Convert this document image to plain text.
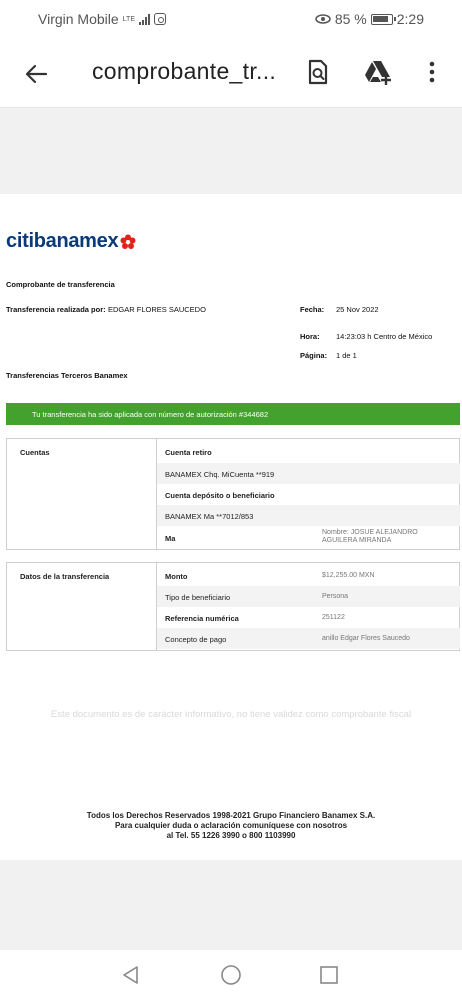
Virgin Mobile LTE	85 % 2:29
comprobante_tr...
citi banamex
Comprobante de transferencia
Transferencia realizada por: EDGAR FLORES SAUCEDO	Fecha: 25 Nov 2022
Hora: 14:23:03 h Centro de México
Página: 1 de 1
Transferencias Terceros Banamex
Tu transferencia ha sido aplicada con número de autorización #344682
Cuentas	Cuenta retiro
BANAMEX Chq. MiCuenta **919
Cuenta depósito o beneficiario
BANAMEX Ma **7012/853
Ma
Nombre: JOSUE ALEJANDRO
AGUILERA MIRANDA
Datos de la transferencia	Monto	$12,255.00 MXN
Tipo de beneficiario	Persona
Referencia numérica	251122
Concepto de pago	anillo Edgar Flores Saucedo
Este documento es de carácter informativo, no tiene validez como comprobante fiscal
Todos los Derechos Reservados 1998-2021 Grupo Financiero Banamex S.A.
Para cualquier duda o aclaración comuníquese con nosotros
al Tel. 55 1226 3990 o 800 1103990
